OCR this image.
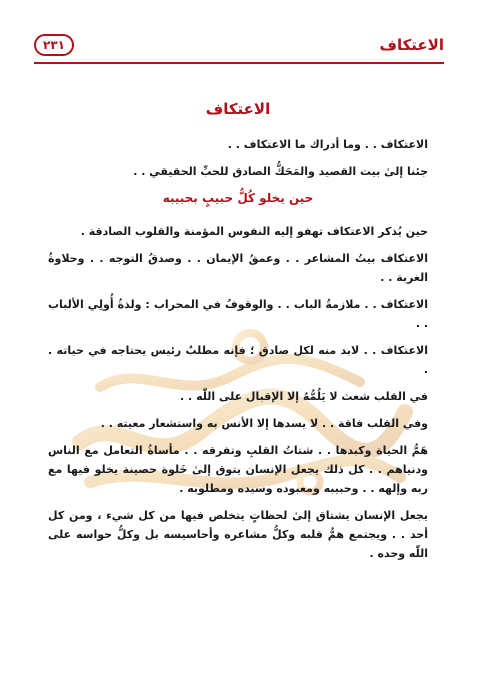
الاعتكاف
٢٣١
الاعتكاف

الاعتكاف . . وما أدراك ما الاعتكاف . .

جئنا إلىٰ بيت القصيد والمَحَكُّ الصادق للحبِّ الحقيقي . .

حين يخلو كُلُّ حبيبٍ بحبيبه

حين يُذكر الاعتكاف تهفو إليه النفوس المؤمنة والقلوب الصادقة .

الاعتكاف بيتُ المشاعر . . وعمقُ الإيمان . . وصدقُ التوجه . . وحلاوةُ الغربة . .

الاعتكاف . . ملازمةُ الباب . . والوقوفُ في المحراب : ولذةُ أُولِي الألباب . .

الاعتكاف . . لابد منه لكل صادق ؛ فإنه مطلبٌ رئيس يحتاجه في حياته . .

في القلب شعث لا يَلُمُّهُ إلا الإقبال على اللّٰه . .

وفي القلب فاقة . . لا يسدها إلا الأنس به واستشعار معيته . .

هَمُّ الحياة وكبدها . . شتاتُ القلبِ وتفرقه . . مأساةُ التعامل مع الناس ودنياهم . . كل ذلك يجعل الإنسان يتوق إلىٰ خَلوة حصينة يخلو فيها مع ربه وإلهه . . وحبيبه ومعبوده وسيده ومطلوبه .

يجعل الإنسان يشتاق إلىٰ لحظاتٍ يتخلص فيها من كل شيء ، ومن كل أحد . . ويجتمع همُّ قلبه وكلُّ مشاعره وأحاسيسه بل وكلُّ حواسه على اللّٰه وحده .
